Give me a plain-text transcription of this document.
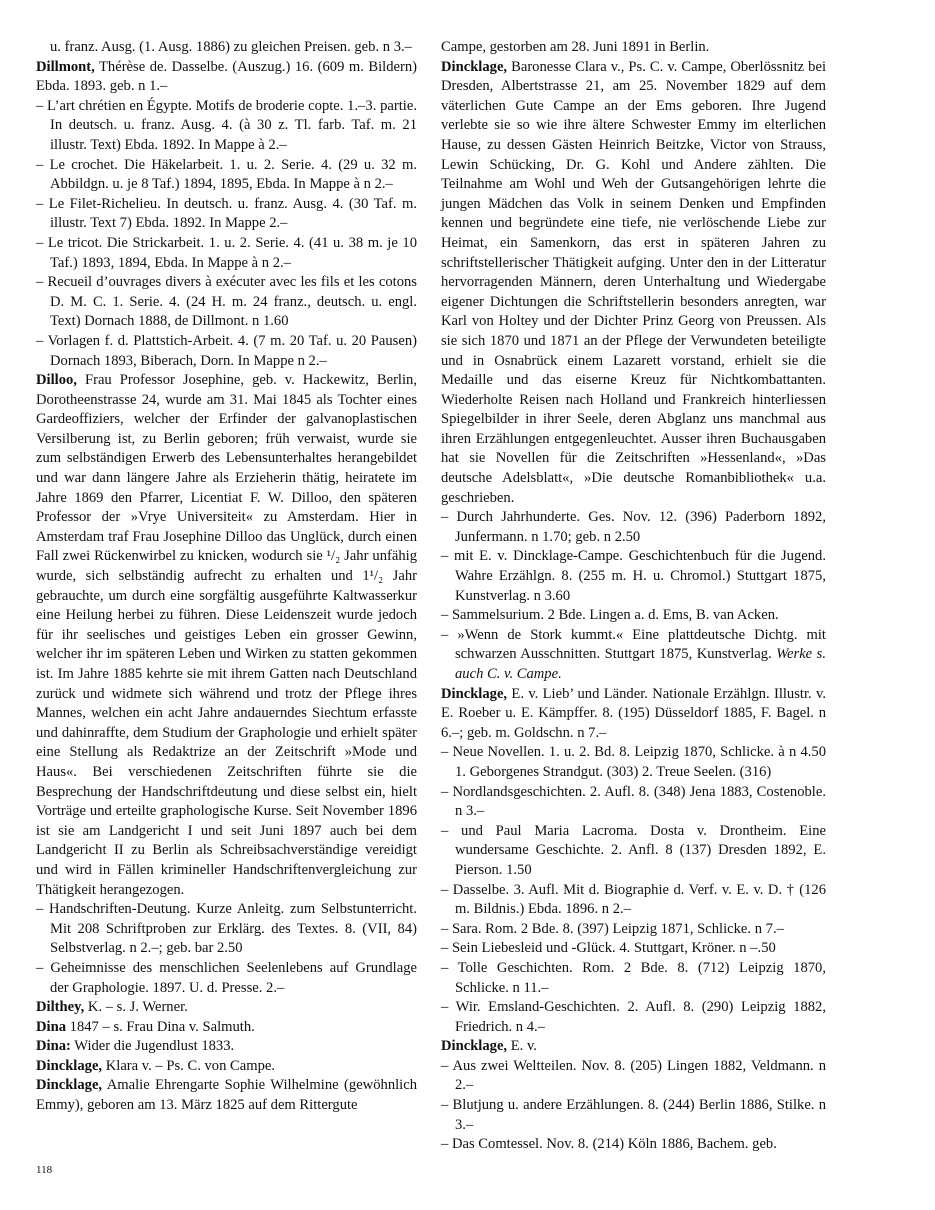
u. franz. Ausg. (1. Ausg. 1886) zu gleichen Preisen. geb. n 3.–

Dillmont, Thérèse de. Dasselbe. (Auszug.) 16. (609 m. Bildern) Ebda. 1893. geb. n 1.–

– L’art chrétien en Égypte. Motifs de broderie copte. 1.–3. partie. In deutsch. u. franz. Ausg. 4. (à 30 z. Tl. farb. Taf. m. 21 illustr. Text) Ebda. 1892. In Mappe à 2.–

– Le crochet. Die Häkelarbeit. 1. u. 2. Serie. 4. (29 u. 32 m. Abbildgn. u. je 8 Taf.) 1894, 1895, Ebda. In Mappe à n 2.–

– Le Filet-Richelieu. In deutsch. u. franz. Ausg. 4. (30 Taf. m. illustr. Text 7) Ebda. 1892. In Mappe 2.–

– Le tricot. Die Strickarbeit. 1. u. 2. Serie. 4. (41 u. 38 m. je 10 Taf.) 1893, 1894, Ebda. In Mappe à n 2.–

– Recueil d’ouvrages divers à exécuter avec les fils et les cotons D. M. C. 1. Serie. 4. (24 H. m. 24 franz., deutsch. u. engl. Text) Dornach 1888, de Dillmont. n 1.60

– Vorlagen f. d. Plattstich-Arbeit. 4. (7 m. 20 Taf. u. 20 Pausen) Dornach 1893, Biberach, Dorn. In Mappe n 2.–

Dilloo, Frau Professor Josephine, geb. v. Hackewitz, Berlin, Dorotheenstrasse 24, wurde am 31. Mai 1845 als Tochter eines Gardeoffiziers, welcher der Erfinder der galvanoplastischen Versilberung ist, zu Berlin geboren; früh verwaist, wurde sie zum selbständigen Erwerb des Lebensunterhaltes herangebildet und war dann längere Jahre als Erzieherin thätig, heiratete im Jahre 1869 den Pfarrer, Licentiat F. W. Dilloo, den späteren Professor der »Vrye Universiteit« zu Amsterdam. Hier in Amsterdam traf Frau Josephine Dilloo das Unglück, durch einen Fall zwei Rückenwirbel zu knicken, wodurch sie ¹/₂ Jahr unfähig wurde, sich selbständig aufrecht zu erhalten und 1¹/₂ Jahr gebrauchte, um durch eine sorgfältig ausgeführte Kaltwasserkur eine Heilung herbei zu führen. Diese Leidenszeit wurde jedoch für ihr seelisches und geistiges Leben ein grosser Gewinn, welcher ihr im späteren Leben und Wirken zu statten gekommen ist. Im Jahre 1885 kehrte sie mit ihrem Gatten nach Deutschland zurück und widmete sich während und trotz der Pflege ihres Mannes, welchen ein acht Jahre andauerndes Siechtum erfasste und dahinraffte, dem Studium der Graphologie und erhielt später eine Stellung als Redaktrize an der Zeitschrift »Mode und Haus«. Bei verschiedenen Zeitschriften führte sie die Besprechung der Handschriftdeutung und diese selbst ein, hielt Vorträge und erteilte graphologische Kurse. Seit November 1896 ist sie am Landgericht I und seit Juni 1897 auch bei dem Landgericht II zu Berlin als Schreibsachverständige vereidigt und wird in Fällen krimineller Handschriftenvergleichung zur Thätigkeit herangezogen.

– Handschriften-Deutung. Kurze Anleitg. zum Selbstunterricht. Mit 208 Schriftproben zur Erklärg. des Textes. 8. (VII, 84) Selbstverlag. n 2.–; geb. bar 2.50

– Geheimnisse des menschlichen Seelenlebens auf Grundlage der Graphologie. 1897. U. d. Presse. 2.–

Dilthey, K. – s. J. Werner.

Dina 1847 – s. Frau Dina v. Salmuth.

Dina: Wider die Jugendlust 1833.

Dincklage, Klara v. – Ps. C. von Campe.

Dincklage, Amalie Ehrengarte Sophie Wilhelmine (gewöhnlich Emmy), geboren am 13. März 1825 auf dem Rittergute

Campe, gestorben am 28. Juni 1891 in Berlin.

Dincklage, Baronesse Clara v., Ps. C. v. Campe, Oberlössnitz bei Dresden, Albertstrasse 21, am 25. November 1829 auf dem väterlichen Gute Campe an der Ems geboren. Ihre Jugend verlebte sie so wie ihre ältere Schwester Emmy im elterlichen Hause, zu dessen Gästen Heinrich Beitzke, Victor von Strauss, Lewin Schücking, Dr. G. Kohl und Andere zählten. Die Teilnahme am Wohl und Weh der Gutsangehörigen lehrte die jungen Mädchen das Volk in seinem Denken und Empfinden kennen und begründete eine tiefe, nie verlöschende Liebe zur Heimat, ein Samenkorn, das erst in späteren Jahren zu schriftstellerischer Thätigkeit aufging. Unter den in der Litteratur hervorragenden Männern, deren Unterhaltung und Wiedergabe eigener Dichtungen die Schriftstellerin besonders anregten, war Karl von Holtey und der Dichter Prinz Georg von Preussen. Als sie sich 1870 und 1871 an der Pflege der Verwundeten beteiligte und in Osnabrück einem Lazarett vorstand, erhielt sie die Medaille und das eiserne Kreuz für Nichtkombattanten. Wiederholte Reisen nach Holland und Frankreich hinterliessen Spiegelbilder in ihrer Seele, deren Abglanz uns manchmal aus ihren Erzählungen entgegenleuchtet. Ausser ihren Buchausgaben hat sie Novellen für die Zeitschriften »Hessenland«, »Das deutsche Adelsblatt«, »Die deutsche Romanbibliothek« u.a. geschrieben.

– Durch Jahrhunderte. Ges. Nov. 12. (396) Paderborn 1892, Junfermann. n 1.70; geb. n 2.50

– mit E. v. Dincklage-Campe. Geschichtenbuch für die Jugend. Wahre Erzählgn. 8. (255 m. H. u. Chromol.) Stuttgart 1875, Kunstverlag. n 3.60

– Sammelsurium. 2 Bde. Lingen a. d. Ems, B. van Acken.

– »Wenn de Stork kummt.« Eine plattdeutsche Dichtg. mit schwarzen Ausschnitten. Stuttgart 1875, Kunstverlag. Werke s. auch C. v. Campe.

Dincklage, E. v. Lieb’ und Länder. Nationale Erzählgn. Illustr. v. E. Roeber u. E. Kämpffer. 8. (195) Düsseldorf 1885, F. Bagel. n 6.–; geb. m. Goldschn. n 7.–

– Neue Novellen. 1. u. 2. Bd. 8. Leipzig 1870, Schlicke. à n 4.50 1. Geborgenes Strandgut. (303) 2. Treue Seelen. (316)

– Nordlandsgeschichten. 2. Aufl. 8. (348) Jena 1883, Costenoble. n 3.–

– und Paul Maria Lacroma. Dosta v. Drontheim. Eine wundersame Geschichte. 2. Anfl. 8 (137) Dresden 1892, E. Pierson. 1.50

– Dasselbe. 3. Aufl. Mit d. Biographie d. Verf. v. E. v. D. † (126 m. Bildnis.) Ebda. 1896. n 2.–

– Sara. Rom. 2 Bde. 8. (397) Leipzig 1871, Schlicke. n 7.–

– Sein Liebesleid und -Glück. 4. Stuttgart, Kröner. n –.50

– Tolle Geschichten. Rom. 2 Bde. 8. (712) Leipzig 1870, Schlicke. n 11.–

– Wir. Emsland-Geschichten. 2. Aufl. 8. (290) Leipzig 1882, Friedrich. n 4.–

Dincklage, E. v.

– Aus zwei Weltteilen. Nov. 8. (205) Lingen 1882, Veldmann. n 2.–

– Blutjung u. andere Erzählungen. 8. (244) Berlin 1886, Stilke. n 3.–

– Das Comtessel. Nov. 8. (214) Köln 1886, Bachem. geb.

118
